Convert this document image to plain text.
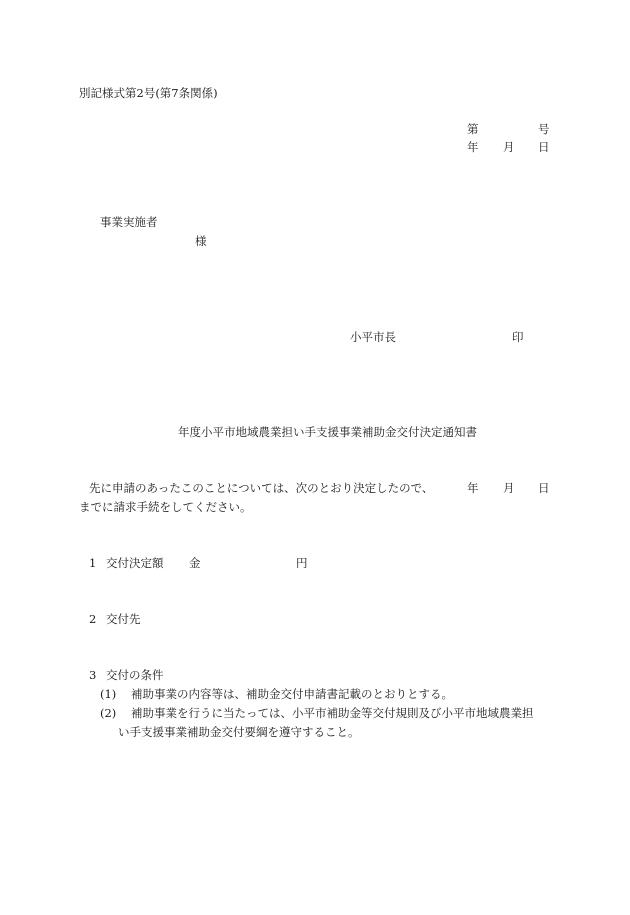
別記様式第2号(第7条関係)
第	号
年 月 日
事業実施者
様
小平市長	印
年度小平市地域農業担い手支援事業補助金交付決定通知書
先に申請のあったこのことについては、次のとおり決定したので、	年 月 日
までに請求手続をしてください。
1 交付決定額 金	円
2 交付先
3 交付の条件
(1) 補助事業の内容等は、補助金交付申請書記載のとおりとする。
(2) 補助事業を行うに当たっては、小平市補助金等交付規則及び小平市地域農業担
い手支援事業補助金交付要綱を遵守すること。
